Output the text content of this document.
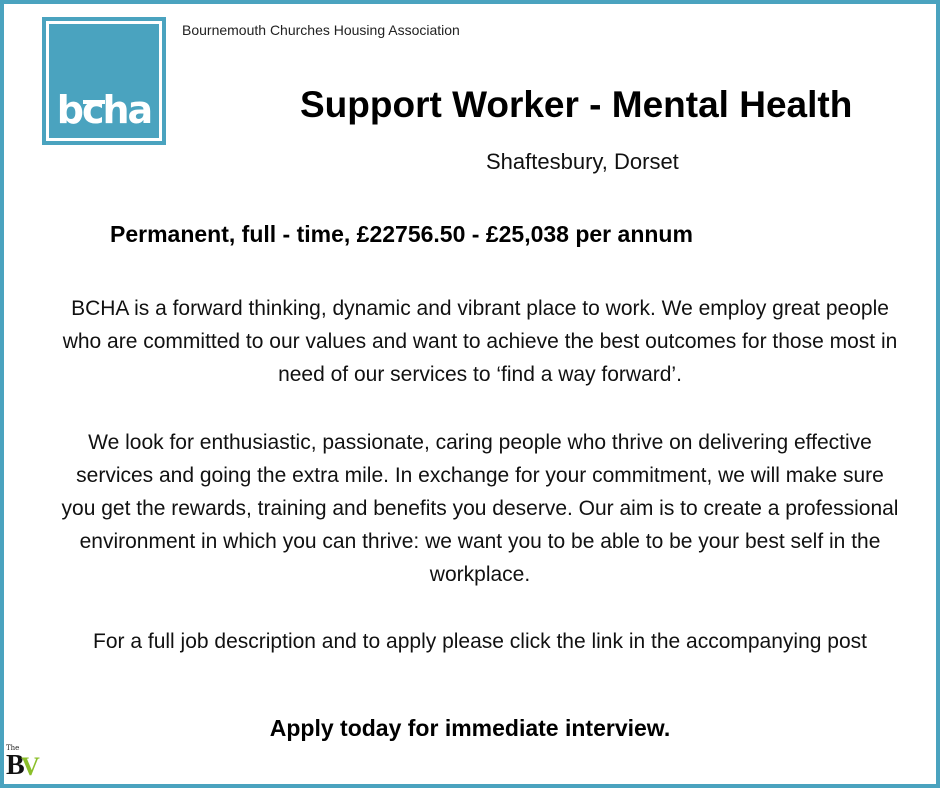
bcha
Bournemouth Churches Housing Association
Support Worker - Mental Health
Shaftesbury, Dorset
Permanent, full - time, £22756.50 - £25,038 per annum
BCHA is a forward thinking, dynamic and vibrant place to work. We employ great people who are committed to our values and want to achieve the best outcomes for those most in need of our services to ‘find a way forward’.
We look for enthusiastic, passionate, caring people who thrive on delivering effective services and going the extra mile. In exchange for your commitment, we will make sure you get the rewards, training and benefits you deserve. Our aim is to create a professional environment in which you can thrive: we want you to be able to be your best self in the workplace.
For a full job description and to apply please click the link in the accompanying post
Apply today for immediate interview.
The
B
V
